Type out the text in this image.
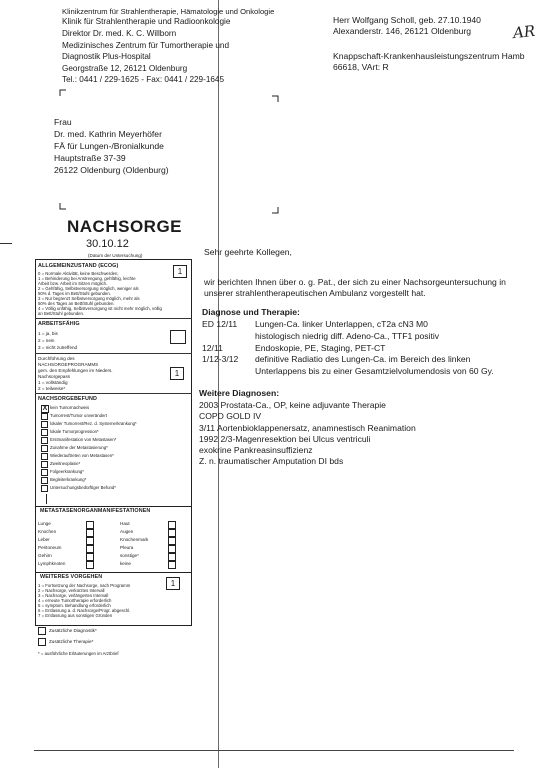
Klinikzentrum für Strahlentherapie, Hämatologie und Onkologie
Klinik für Strahlentherapie und Radioonkologie
Direktor Dr. med. K. C. Willborn
Medizinisches Zentrum für Tumortherapie und
Diagnostik Plus-Hospital
Georgstraße 12, 26121 Oldenburg
Tel.: 0441 / 229-1625 - Fax: 0441 / 229-1645
Herr Wolfgang Scholl, geb. 27.10.1940
Alexanderstr. 146, 26121 Oldenburg	AR
Knappschaft-Krankenhausleistungszentrum Hamb
66618, VArt: R
Frau
Dr. med. Kathrin Meyerhöfer
FÄ für Lungen-/Bronialkunde
Hauptstraße 37-39
26122 Oldenburg (Oldenburg)
NACHSORGE
30.10.12
(Datum der Untersuchung)
ALLGEMEINZUSTAND (ECOG)
1
0 = Normale Aktivität, keine Beschwerden,
1 = Behinderung bei Anstrengung, gehfähig, leichte
Arbeit bzw. Arbeit im Sitzen möglich.
2 = Gehfähig, Selbstversorgung möglich, weniger als
50% d. Tages im Bett/Stuhl gebunden.
3 = Nur begrenzt Selbstversorgung möglich, mehr als
50% des Tages an Bett/Stuhl gebunden.
4 = Völlig unfähig, Selbstversorgung ist nicht mehr möglich, völlig
an Bett/Stuhl gebunden.
ARBEITSFÄHIG
1 = ja, bis
2 = nein
3 = nicht zutreffend
Durchführung des
NACHSORGEPROGRAMMS
gem. den Empfehlungen im Nieders.
Nachsorgepass
1 = vollständig
2 = teilweise*
1
NACHSORGEBEFUND
X kein Tumornachweis
Tumorrest/Tumor unverändert
lokaler Tumorrest/Rez. d. Systemerkrankung*
lokale Tumorprogression*
Erstmanifestation von Metastasen*
Zunahme der Metastasierung*
Wiederauftreten von Metastasen*
Zweitneoplasie*
Folgeerkrankung*
Begleiterkrankung*
Untersuchungsbedürftiger Befund*
METASTASENORGANMANIFESTATIONEN
Lunge
Knochen
Leber
Peritoneum
Gehirn
Lymphknoten
Haut
Augen
Knochenmark
Pleura
sonstige*
keine
WEITERES VORGEHEN
1
1 = Fortsetzung der Nachsorge, nach Programm
2 = Nachsorge, verkürztes Intervall
3 = Nachsorge, verlängertes Intervall
4 = erneute Tumortherapie erforderlich
5 = symptom. Behandlung erforderlich
6 = Entlassung a. d. Nachsorge/Progr. abgeschl.
7 = Entlassung aus sonstigen Gründen
Zusätzliche Diagnostik*
Zusätzliche Therapie*
* = ausführliche Erläuterungen im Arztbrief
Sehr geehrte Kollegen,
wir berichten Ihnen über o. g. Pat., der sich zu einer Nachsorgeuntersuchung in
unserer strahlentherapeutischen Ambulanz vorgestellt hat.
Diagnose und Therapie:
ED 12/11 Lungen-Ca. linker Unterlappen, cT2a cN3 M0
histologisch niedrig diff. Adeno-Ca., TTF1 positiv
12/11	Endoskopie, PE, Staging, PET-CT
1/12-3/12 definitive Radiatio des Lungen-Ca. im Bereich des linken
Unterlappens bis zu einer Gesamtzielvolumendosis von 60 Gy.
Weitere Diagnosen:
2003 Prostata-Ca., OP, keine adjuvante Therapie
COPD GOLD IV
3/11 Aortenbioklappenersatz, anamnestisch Reanimation
1992 2/3-Magenresektion bei Ulcus ventriculi
exokrine Pankreasinsuffizienz
Z. n. traumatischer Amputation DI bds
